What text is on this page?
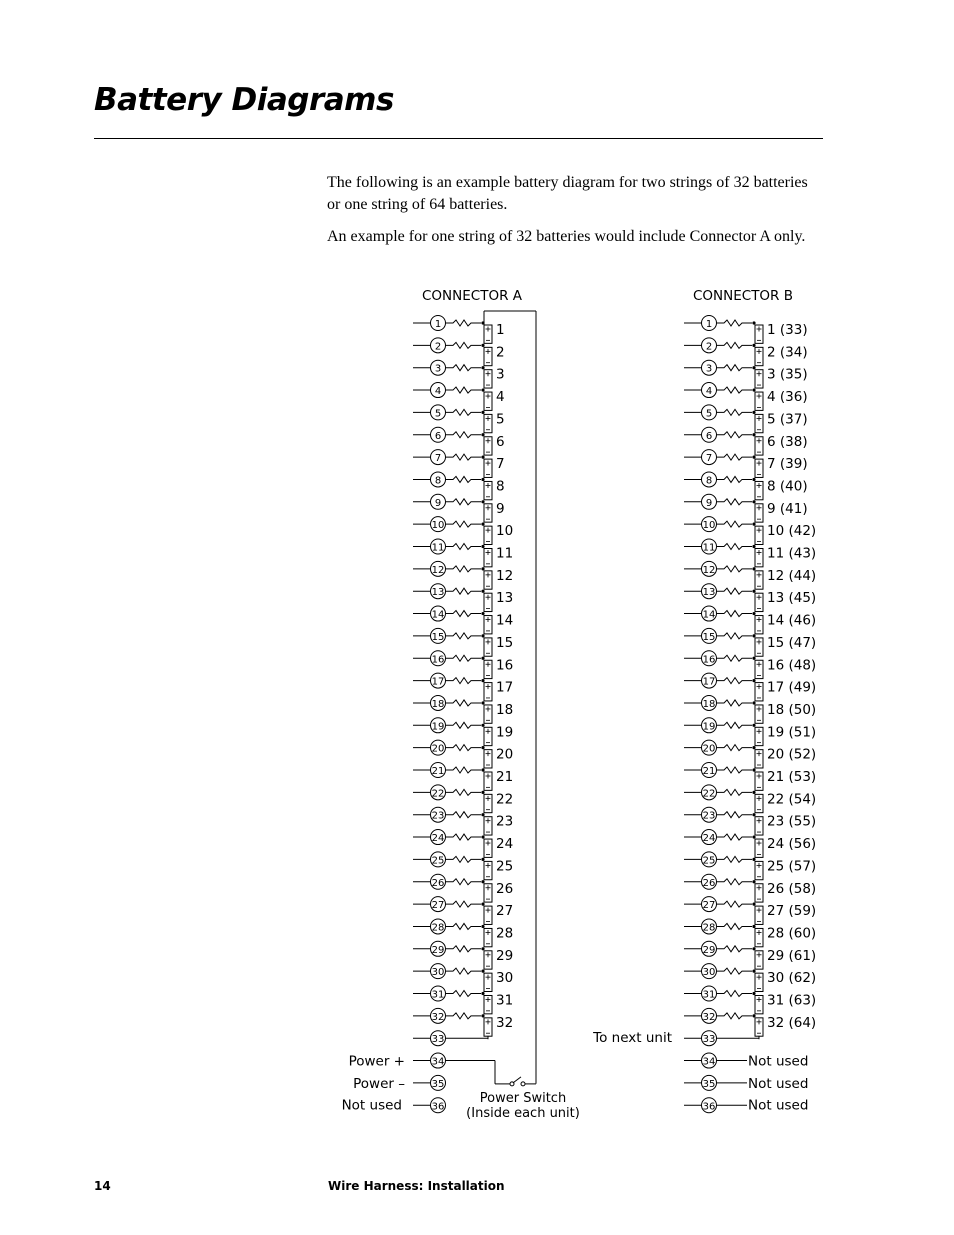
Battery Diagrams

The following is an example battery diagram for two strings of 32 batteries or one string of 64 batteries.

An example for one string of 32 batteries would include Connector A only.

CONNECTOR A
1	1
2	2
3	3
4	4
5	5
6	6
7	7
8	8
9	9
10	10
11	11
12	12
13	13
14	14
15	15
16	16
17	17
18	18
19	19
20	20
21	21
22	22
23	23
24	24
25	25
26	26
27	27
28	28
29	29
30	30
31	31
32	32
33
34
35
36
CONNECTOR B
1	1 (33)
2	2 (34)
3	3 (35)
4	4 (36)
5	5 (37)
6	6 (38)
7	7 (39)
8	8 (40)
9	9 (41)
10	10 (42)
11	11 (43)
12	12 (44)
13	13 (45)
14	14 (46)
15	15 (47)
16	16 (48)
17	17 (49)
18	18 (50)
19	19 (51)
20	20 (52)
21	21 (53)
22	22 (54)
23	23 (55)
24	24 (56)
25	25 (57)
26	26 (58)
27	27 (59)
28	28 (60)
29	29 (61)
30	30 (62)
31	31 (63)
32	32 (64)
33
34
35
36
Power +
Power –
Not used	Power Switch
(Inside each unit)
To next unit
Not used
Not used
Not used
14	Wire Harness: Installation
